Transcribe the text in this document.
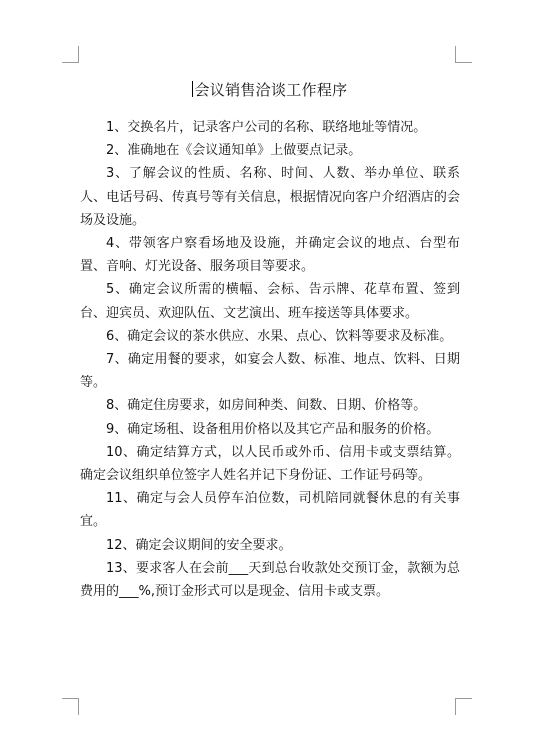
会议销售洽谈工作程序

1、交换名片，记录客户公司的名称、联络地址等情况。

2、准确地在《会议通知单》上做要点记录。

3、了解会议的性质、名称、时间、人数、举办单位、联系人、电话号码、传真号等有关信息，根据情况向客户介绍酒店的会场及设施。

4、带领客户察看场地及设施，并确定会议的地点、台型布置、音响、灯光设备、服务项目等要求。

5、确定会议所需的横幅、会标、告示牌、花草布置、签到台、迎宾员、欢迎队伍、文艺演出、班车接送等具体要求。

6、确定会议的茶水供应、水果、点心、饮料等要求及标准。

7、确定用餐的要求，如宴会人数、标准、地点、饮料、日期等。

8、确定住房要求，如房间种类、间数、日期、价格等。

9、确定场租、设备租用价格以及其它产品和服务的价格。

10、确定结算方式，以人民币或外币、信用卡或支票结算。确定会议组织单位签字人姓名并记下身份证、工作证号码等。

11、确定与会人员停车泊位数，司机陪同就餐休息的有关事宜。

12、确定会议期间的安全要求。

13、要求客人在会前___天到总台收款处交预订金，款额为总费用的___%,预订金形式可以是现金、信用卡或支票。
